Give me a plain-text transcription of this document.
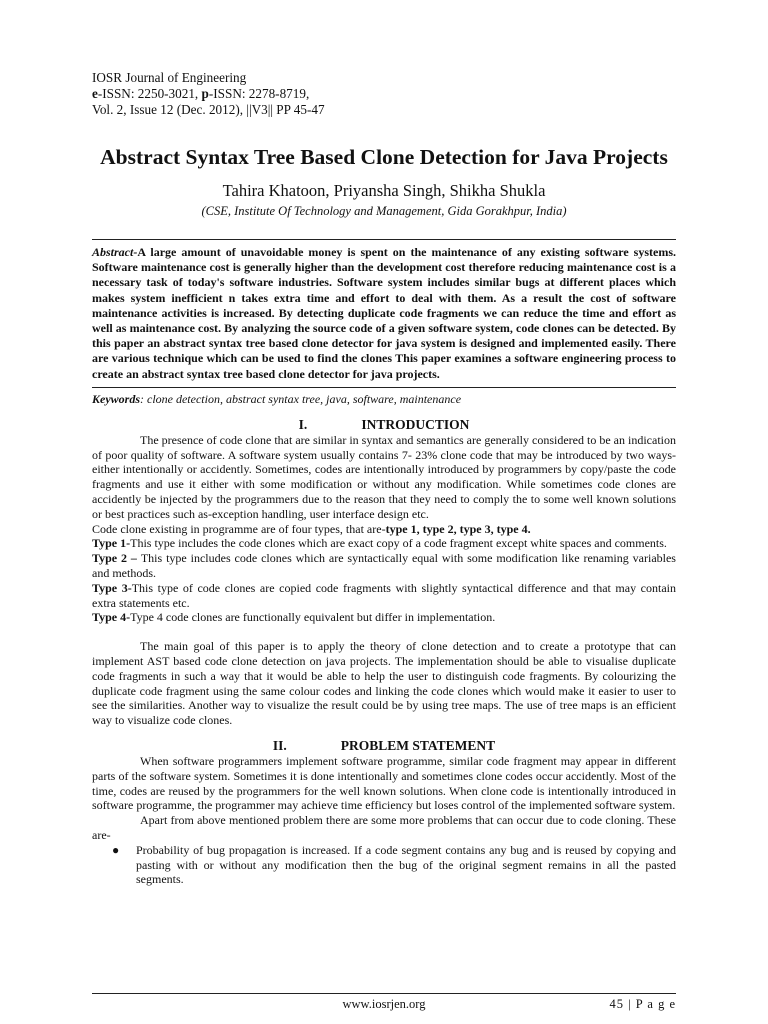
IOSR Journal of Engineering
e-ISSN: 2250-3021, p-ISSN: 2278-8719,
Vol. 2, Issue 12 (Dec. 2012), ||V3|| PP 45-47
Abstract Syntax Tree Based Clone Detection for Java Projects
Tahira Khatoon, Priyansha Singh, Shikha Shukla
(CSE, Institute Of Technology and Management, Gida Gorakhpur, India)
Abstract-A large amount of unavoidable money is spent on the maintenance of any existing software systems. Software maintenance cost is generally higher than the development cost therefore reducing maintenance cost is a necessary task of today's software industries. Software system includes similar bugs at different places which makes system inefficient n takes extra time and effort to deal with them. As a result the cost of software maintenance activities is increased. By detecting duplicate code fragments we can reduce the time and effort as well as maintenance cost. By analyzing the source code of a given software system, code clones can be detected. By this paper an abstract syntax tree based clone detector for java system is designed and implemented easily. There are various technique which can be used to find the clones This paper examines a software engineering process to create an abstract syntax tree based clone detector for java projects.
Keywords: clone detection, abstract syntax tree, java, software, maintenance
I.	INTRODUCTION

The presence of code clone that are similar in syntax and semantics are generally considered to be an indication of poor quality of software. A software system usually contains 7- 23% clone code that may be introduced by two ways-either intentionally or accidently. Sometimes, codes are intentionally introduced by programmers by copy/paste the code fragments and use it either with some modification or without any modification. While sometimes code clones are accidently be injected by the programmers due to the reason that they need to comply the to some well known solutions or best practices such as-exception handling, user interface design etc.

Code clone existing in programme are of four types, that are-type 1, type 2, type 3, type 4.

Type 1-This type includes the code clones which are exact copy of a code fragment except white spaces and comments.

Type 2 – This type includes code clones which are syntactically equal with some modification like renaming variables and methods.

Type 3-This type of code clones are copied code fragments with slightly syntactical difference and that may contain extra statements etc.

Type 4-Type 4 code clones are functionally equivalent but differ in implementation.

The main goal of this paper is to apply the theory of clone detection and to create a prototype that can implement AST based code clone detection on java projects. The implementation should be able to visualise duplicate code fragments in such a way that it would be able to help the user to distinguish code fragments. By colourizing the duplicate code fragment using the same colour codes and linking the code clones which would make it easier to user to see the similarities. Another way to visualize the result could be by using tree maps. The use of tree maps is an efficient way to visualize code clones.

II.	PROBLEM STATEMENT

When software programmers implement software programme, similar code fragment may appear in different parts of the software system. Sometimes it is done intentionally and sometimes clone codes occur accidently. Most of the time, codes are reused by the programmers for the well known solutions. When clone code is intentionally introduced in software programme, the programmer may achieve time efficiency but loses control of the implemented software system.

Apart from above mentioned problem there are some more problems that can occur due to code cloning. These are-

●	Probability of bug propagation is increased. If a code segment contains any bug and is reused by copying and pasting with or without any modification then the bug of the original segment remains in all the pasted segments.
www.iosrjen.org	45 | P a g e
